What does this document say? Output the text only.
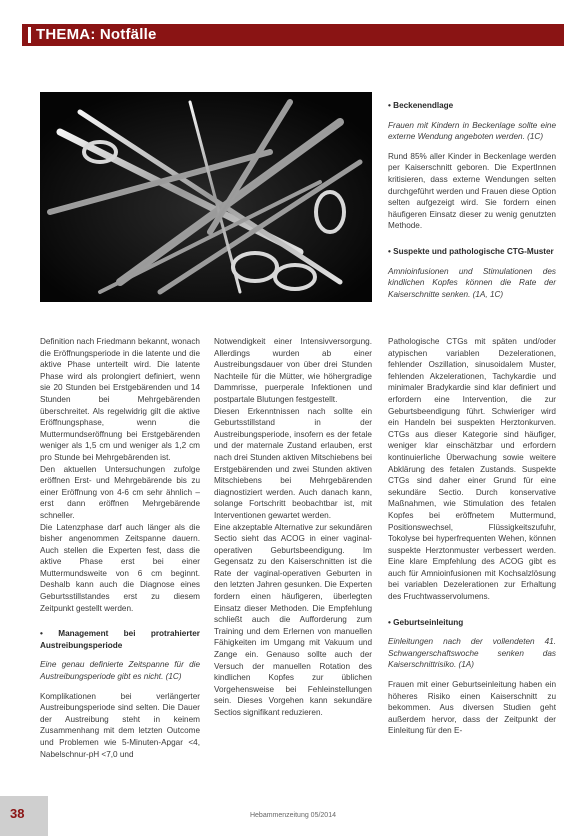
THEMA: Notfälle

• Beckenendlage

Frauen mit Kindern in Beckenlage sollte eine externe Wendung angeboten werden. (1C)

Rund 85% aller Kinder in Beckenlage werden per Kaiserschnitt geboren. Die ExpertInnen kritisieren, dass externe Wendungen selten durchgeführt werden und Frauen diese Option selten aufgezeigt wird. Sie fordern einen häufigeren Einsatz dieser zu wenig genutzten Methode.

• Suspekte und pathologische CTG-Muster

Amnioinfusionen und Stimulationen des kindlichen Kopfes können die Rate der Kaiserschnitte senken. (1A, 1C)

Definition nach Friedmann bekannt, wonach die Eröffnungsperiode in die latente und die aktive Phase unterteilt wird. Die latente Phase wird als prolongiert definiert, wenn sie 20 Stunden bei Erstgebärenden und 14 Stunden bei Mehrgebärenden überschreitet. Als regelwidrig gilt die aktive Eröffnungsphase, wenn die Muttermundseröffnung bei Erstgebärenden weniger als 1,5 cm und weniger als 1,2 cm pro Stunde bei Mehrgebärenden ist.

Den aktuellen Untersuchungen zufolge eröffnen Erst- und Mehrgebärende bis zu einer Eröffnung von 4-6 cm sehr ähnlich – erst dann eröffnen Mehrgebärende schneller.

Die Latenzphase darf auch länger als die bisher angenommen Zeitspanne dauern. Auch stellen die Experten fest, dass die aktive Phase erst bei einer Muttermundsweite von 6 cm beginnt. Deshalb kann auch die Diagnose eines Geburtsstillstandes erst zu diesem Zeitpunkt gestellt werden.

• Management bei protrahierter Austreibungsperiode

Eine genau definierte Zeitspanne für die Austreibungsperiode gibt es nicht. (1C)

Komplikationen bei verlängerter Austreibungsperiode sind selten. Die Dauer der Austreibung steht in keinem Zusammenhang mit dem letzten Outcome und Problemen wie 5-Minuten-Apgar <4, Nabelschnur-pH <7,0 und

Notwendigkeit einer Intensivversorgung. Allerdings wurden ab einer Austreibungsdauer von über drei Stunden Nachteile für die Mütter, wie höhergradige Dammrisse, puerperale Infektionen und postpartale Blutungen festgestellt.

Diesen Erkenntnissen nach sollte ein Geburtsstillstand in der Austreibungsperiode, insofern es der fetale und der maternale Zustand erlauben, erst nach drei Stunden aktiven Mitschiebens bei Erstgebärenden und zwei Stunden aktiven Mitschiebens bei Mehrgebärenden diagnostiziert werden. Auch danach kann, solange Fortschritt beobachtbar ist, mit Interventionen gewartet werden.

Eine akzeptable Alternative zur sekundären Sectio sieht das ACOG in einer vaginal-operativen Geburtsbeendigung. Im Gegensatz zu den Kaiserschnitten ist die Rate der vaginal-operativen Geburten in den letzten Jahren gesunken. Die Experten fordern einen häufigeren, überlegten Einsatz dieser Methoden. Die Empfehlung schließt auch die Aufforderung zum Training und dem Erlernen von manuellen Fähigkeiten im Umgang mit Vakuum und Zange ein. Genauso sollte auch der Versuch der manuellen Rotation des kindlichen Kopfes zur üblichen Vorgehensweise bei Fehleinstellungen sein. Dieses Vorgehen kann sekundäre Sectios signifikant reduzieren.

Pathologische CTGs mit späten und/oder atypischen variablen Dezelerationen, fehlender Oszillation, sinusoidalem Muster, fehlenden Akzelerationen, Tachykardie und minimaler Bradykardie sind klar definiert und erfordern eine Intervention, die zur Geburtsbeendigung führt. Schwieriger wird ein Handeln bei suspekten Herztonkurven. CTGs aus dieser Kategorie sind häufiger, weniger klar einschätzbar und erfordern kontinuierliche Überwachung sowie weitere Abklärung des fetalen Zustands. Suspekte CTGs sind daher einer Grund für eine sekundäre Sectio. Durch konservative Maßnahmen, wie Stimulation des fetalen Kopfes bei eröffnetem Muttermund, Positionswechsel, Flüssigkeitszufuhr, Tokolyse bei hyperfrequenten Wehen, können suspekte Herztonmuster verbessert werden. Eine klare Empfehlung des ACOG gibt es auch für Amnioinfusionen mit Kochsalzlösung bei variablen Dezelerationen zur Erhaltung des Fruchtwasservolumens.

• Geburtseinleitung

Einleitungen nach der vollendeten 41. Schwangerschaftswoche senken das Kaiserschnittrisiko. (1A)

Frauen mit einer Geburtseinleitung haben ein höheres Risiko einen Kaiserschnitt zu bekommen. Aus diversen Studien geht außerdem hervor, dass der Zeitpunkt der Einleitung für den E-

38	Hebammenzeitung 05/2014
